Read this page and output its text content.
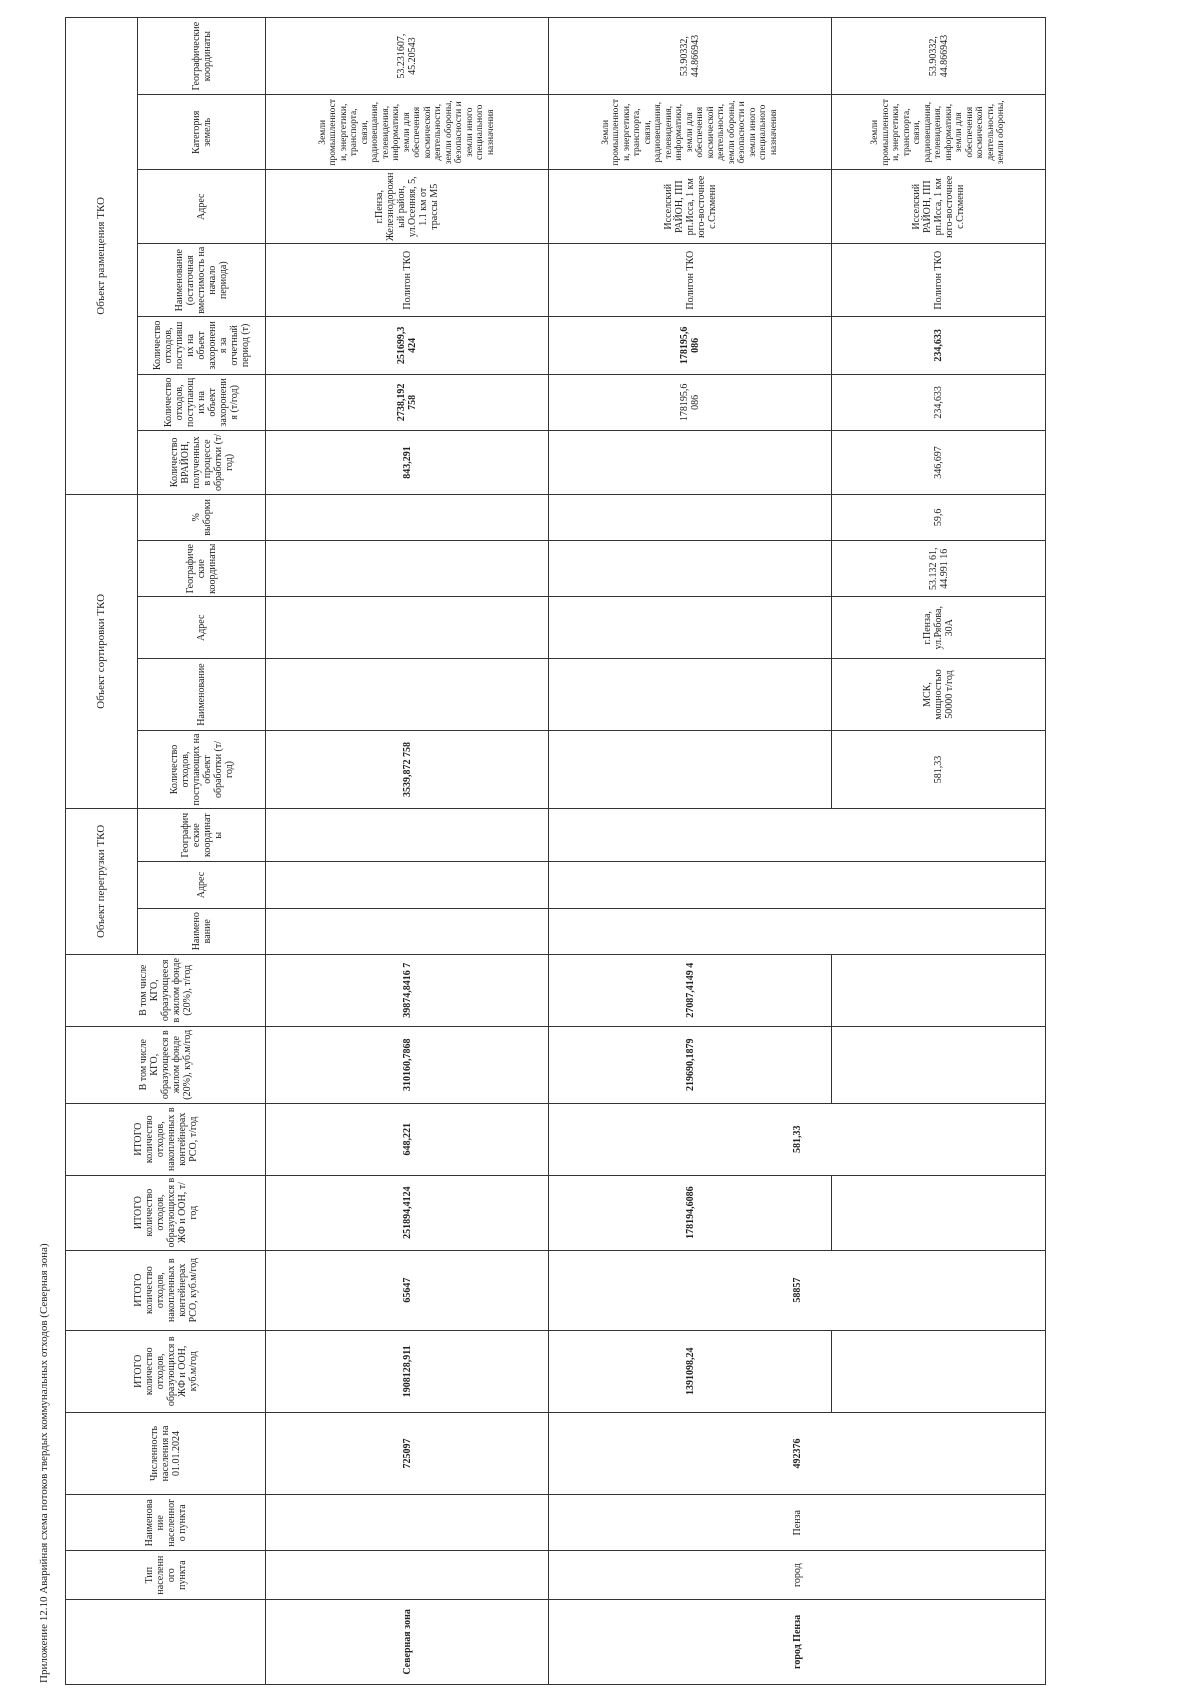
Приложение 12.10 Аварийная схема потоков твердых коммунальных отходов (Северная зона)
		Тип населенного пункта	Наименование населенного пункта	Численность населения на 01.01.2024	ИТОГО количество отходов, образующихся в ЖФ и ООН, куб.м/год	ИТОГО количество отходов, накопленных в контейнерах РСО, куб.м/год	ИТОГО количество отходов, образующихся в ЖФ и ООН, т/год	ИТОГО количество отходов, накопленных в контейнерах РСО, т/год	В том числе КГО, образующееся в жилом фонде (20%), куб.м/год	В том числе КГО, образующееся в жилом фонде (20%), т/год	Объект перегрузки ТКО			Объект сортировки ТКО					Объект размещения ТКО						
										Наименование	Адрес	Географические координаты	Количество отходов, поступающих на объект обработки (т/год)	Наименование	Адрес	Географические координаты	% выборки	Количество ВРАЙОН, полученных в процессе обработки (т/год)	Количество отходов, поступающих на объект захоронения (т/год)	Количество отходов, поступивших на объект захоронения за отчетный период (т)	Наименование (остаточная вместимость на начало периода)	Адрес	Категория земель	Географические координаты
Северная зона			725097	1908128,911	65647	251894,4124	648,221	310160,7868	39874,8416 7				3539,872 758					843,291	2738,192 758	251699,3 424	Полигон ТКО	г.Пенза, Железнодорожный район, ул.Осенняя, 5, 1.1 км от трассы М5	Земли промышленности, энергетики, транспорта, связи, радиовещания, телевидения, информатики, земли для обеспечения космической деятельности, земли обороны, безопасности и земли иного специального назначения	53.231607, 45.20543
город Пенза	город	Пенза	492376	1391098,24	58857	178194,6086	581,33	219690,1879	27087,4149 4										178195,6 086	178195,6 086	Полигон ТКО	Исселский РАЙОН, ПП рп.Исса, 1 км юго-восточнее с.Сткмени	Земли промышленности, энергетики, транспорта, связи, радиовещания, телевидения, информатики, земли для обеспечения космической деятельности, земли обороны, безопасности и земли иного специального назначения	53.90332, 44.866943
													581,33	МСК, мощностью 50000 т/год	г.Пенза, ул.Рябова, 30А	53.132 61, 44.991 16	59,6	346,697	234,633	234,633	Полигон ТКО	Исселский РАЙОН, ПП рп.Исса, 1 км юго-восточнее с.Сткмени	Земли промышленности, энергетики, транспорта, связи, радиовещания, телевидения, информатики, земли для обеспечения космической деятельности, земли обороны,	53.90332, 44.866943
